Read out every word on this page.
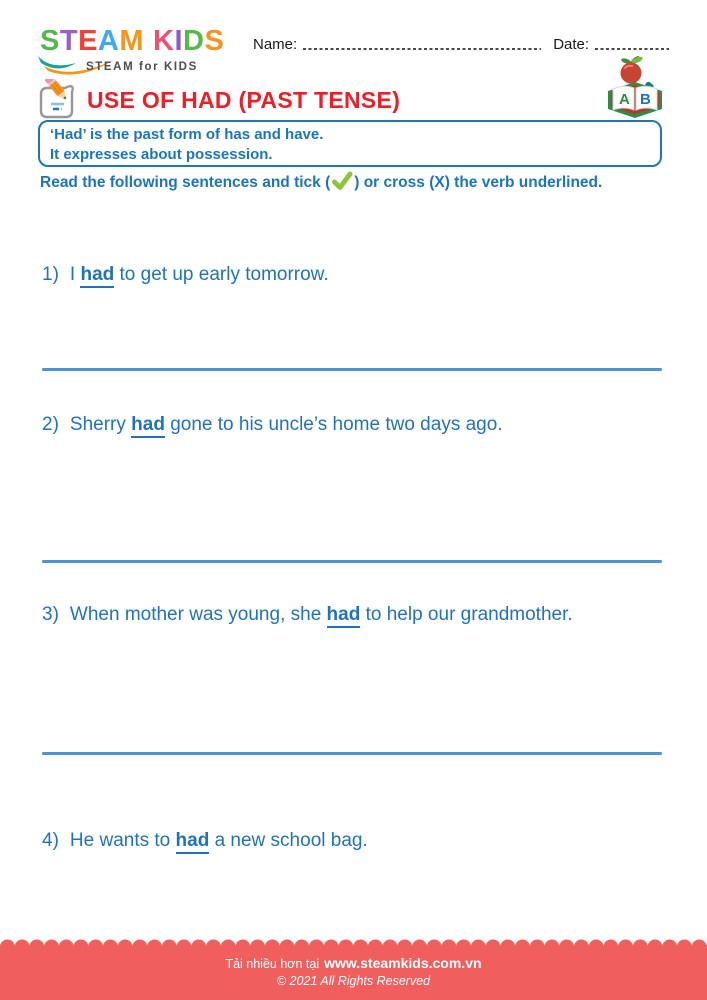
STEAM KIDS
STEAM for KIDS
Name:	Date:
A B
USE OF HAD (PAST TENSE)

‘Had’ is the past form of has and have.

It expresses about possession.

Read the following sentences and tick ( ) or cross (X) the verb underlined.
1) I had to get up early tomorrow.
2) Sherry had gone to his uncle’s home two days ago.
3) When mother was young, she had to help our grandmother.
4) He wants to had a new school bag.

Tải nhiều hơn tại www.steamkids.com.vn

© 2021 All Rights Reserved
